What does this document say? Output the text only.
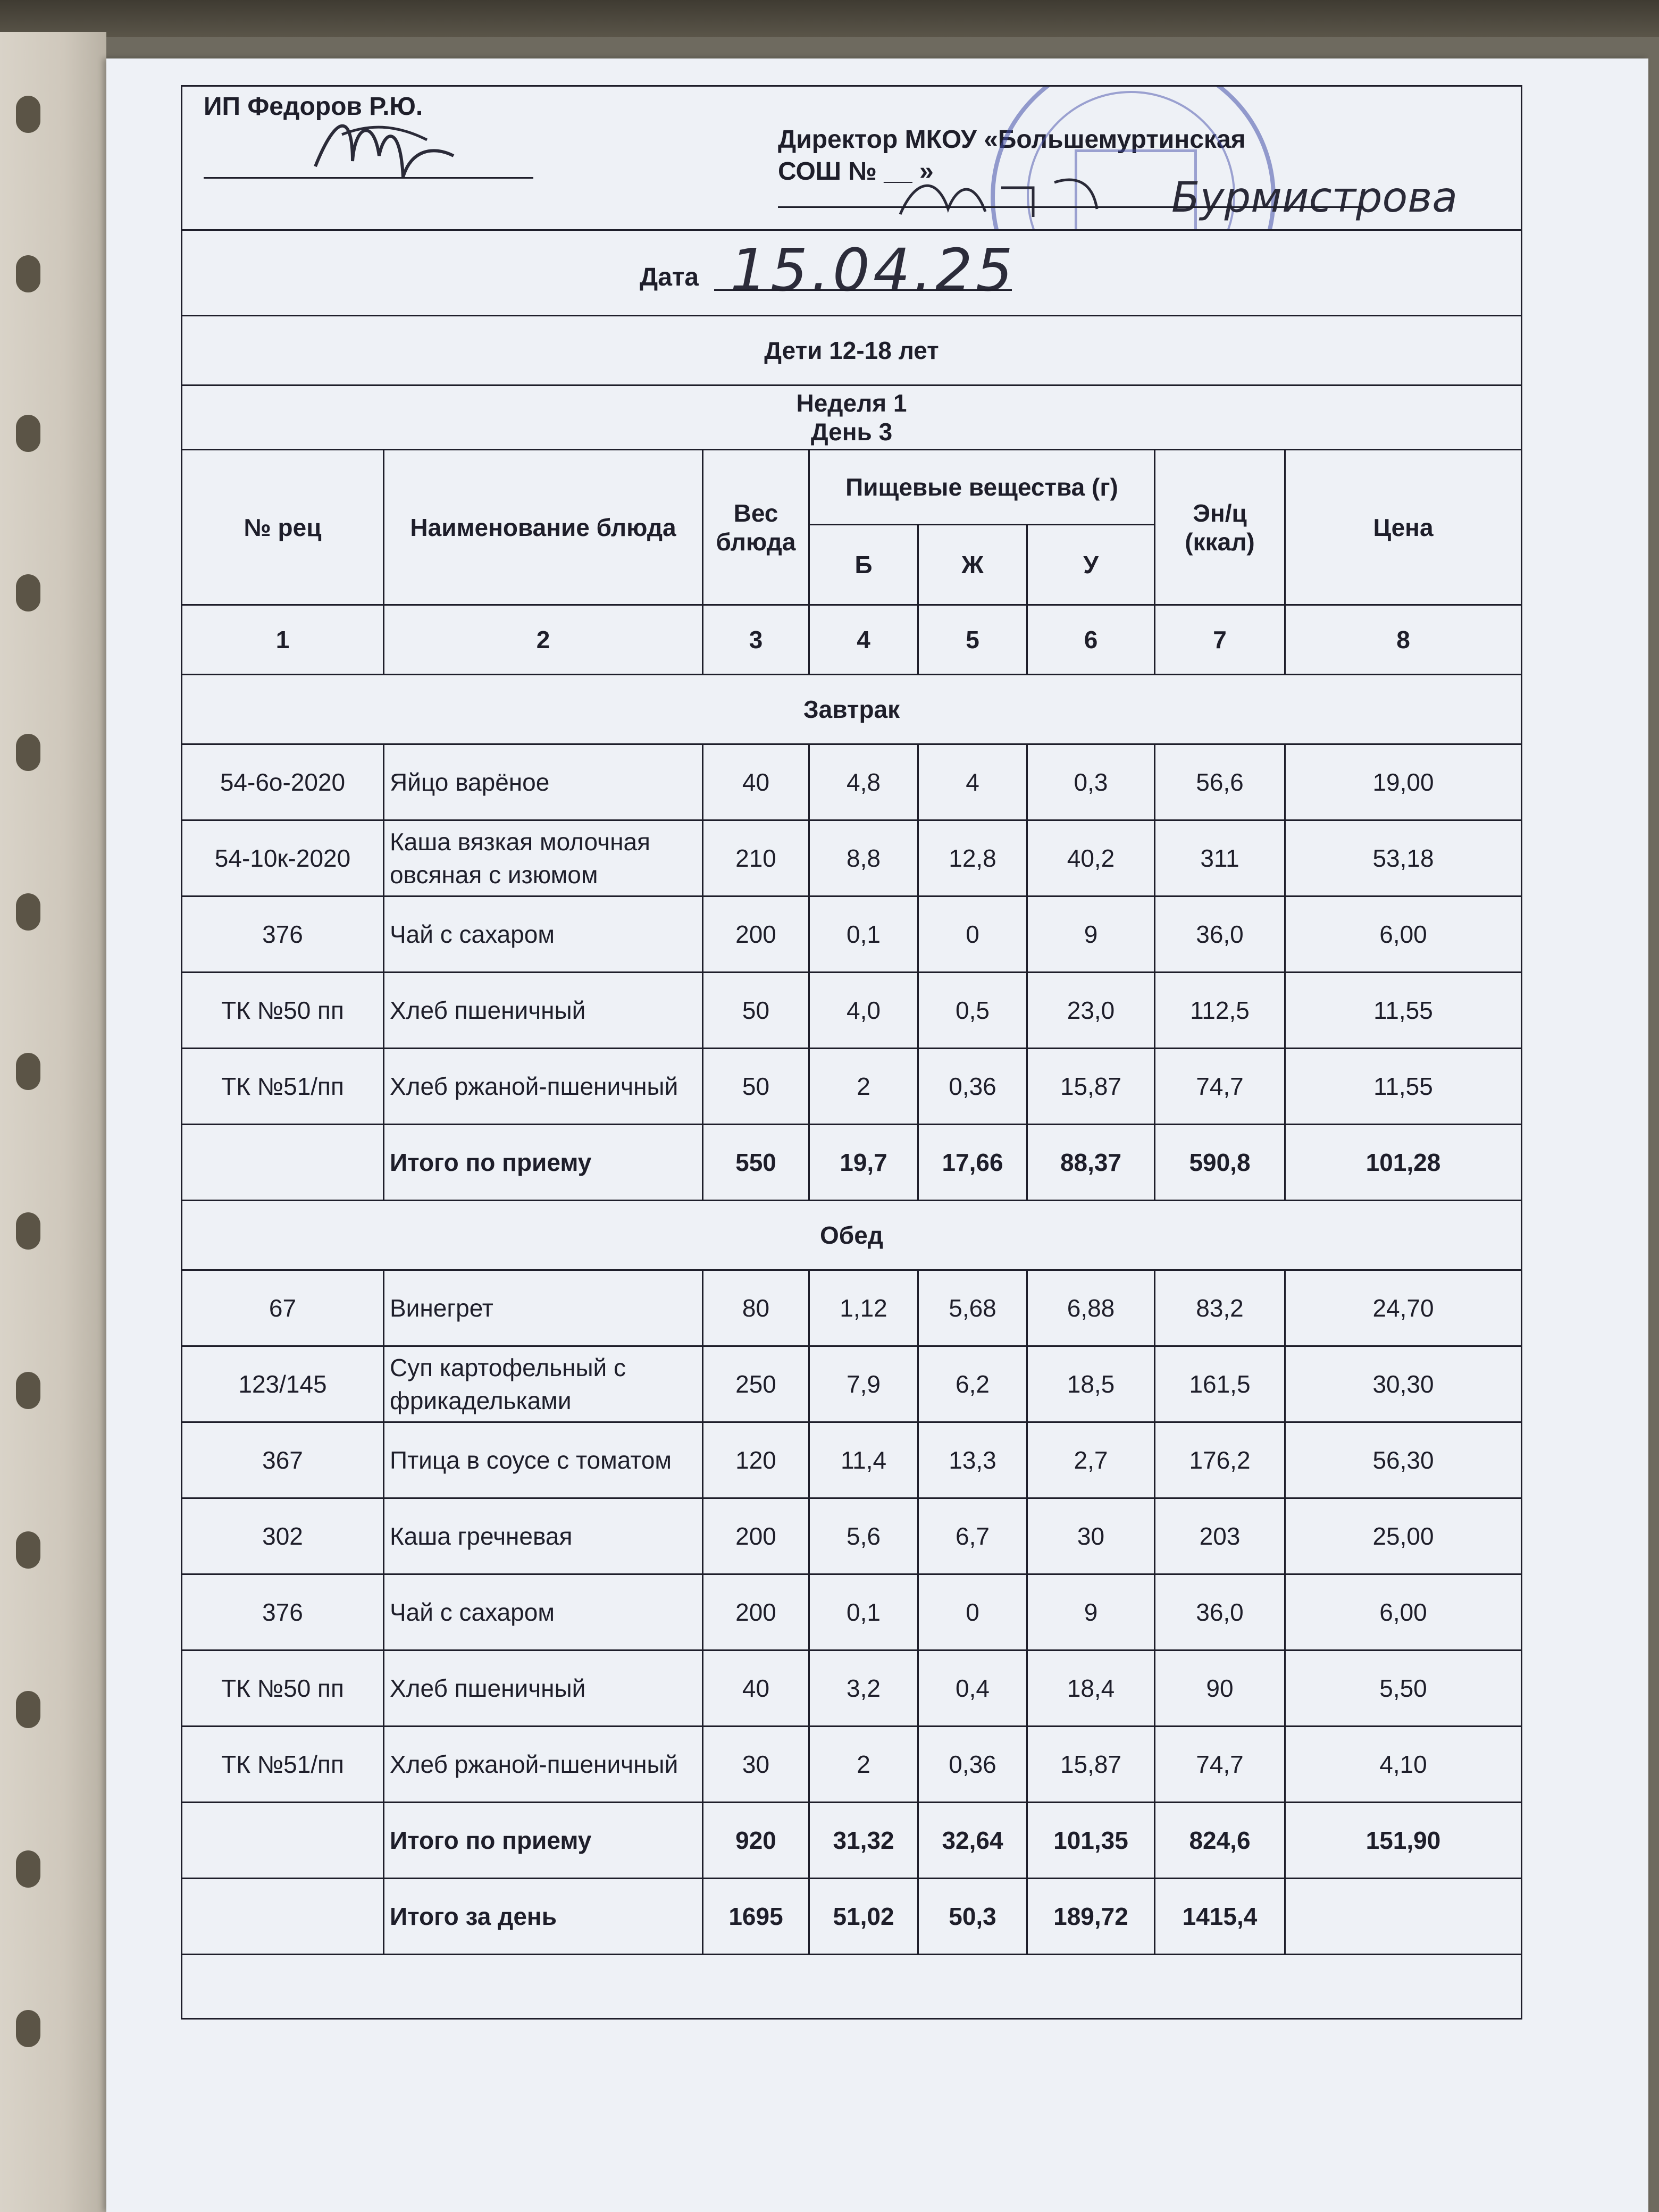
ИП Федоров Р.Ю.
Директор МКОУ «Большемуртинская
СОШ № __ »
Бурмистрова							

Дата 15.04.25							

Дети 12-18 лет							

Неделя 1
День 3							

№ рец	Наименование блюда	Вес блюда	Пищевые вещества (г)			Эн/ц (ккал)	Цена
			Б	Ж	У		
1	2	3	4	5	6	7	8
Завтрак							
54-6о-2020	Яйцо варёное	40	4,8	4	0,3	56,6	19,00
54-10к-2020	Каша вязкая молочная овсяная с изюмом	210	8,8	12,8	40,2	311	53,18
376	Чай с сахаром	200	0,1	0	9	36,0	6,00
ТК №50 пп	Хлеб пшеничный	50	4,0	0,5	23,0	112,5	11,55
ТК №51/пп	Хлеб ржаной-пшеничный	50	2	0,36	15,87	74,7	11,55
	Итого по приему	550	19,7	17,66	88,37	590,8	101,28
Обед							
67	Винегрет	80	1,12	5,68	6,88	83,2	24,70
123/145	Суп картофельный с фрикадельками	250	7,9	6,2	18,5	161,5	30,30
367	Птица в соусе с томатом	120	11,4	13,3	2,7	176,2	56,30
302	Каша гречневая	200	5,6	6,7	30	203	25,00
376	Чай с сахаром	200	0,1	0	9	36,0	6,00
ТК №50 пп	Хлеб пшеничный	40	3,2	0,4	18,4	90	5,50
ТК №51/пп	Хлеб ржаной-пшеничный	30	2	0,36	15,87	74,7	4,10
	Итого по приему	920	31,32	32,64	101,35	824,6	151,90
	Итого за день	1695	51,02	50,3	189,72	1415,4	
